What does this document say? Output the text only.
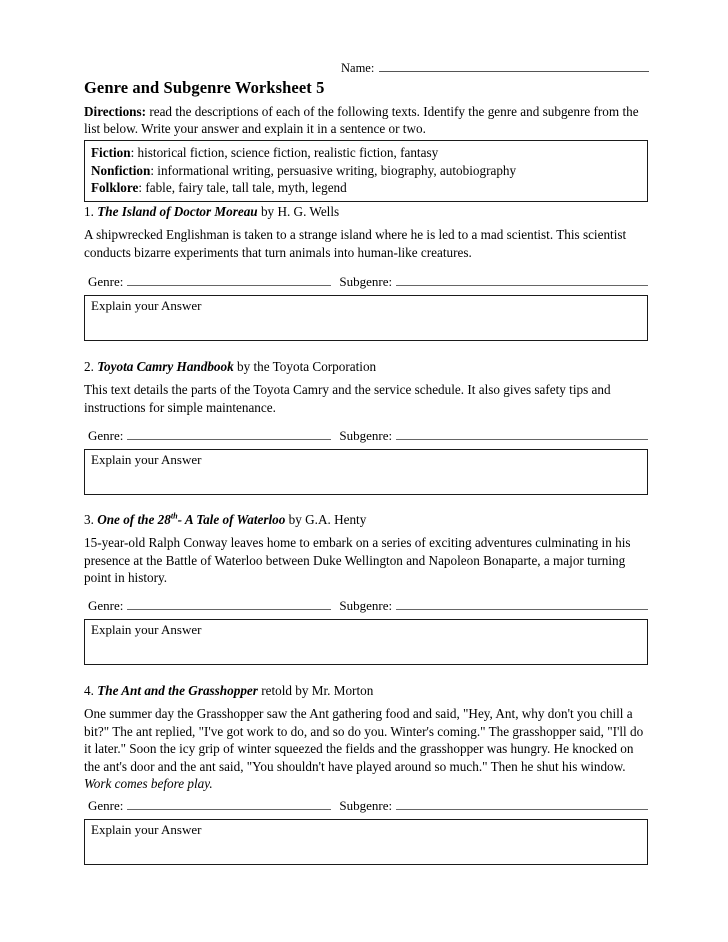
Name:
Genre and Subgenre Worksheet 5
Directions: read the descriptions of each of the following texts. Identify the genre and subgenre from the list below. Write your answer and explain it in a sentence or two.
Fiction: historical fiction, science fiction, realistic fiction, fantasy
Nonfiction: informational writing, persuasive writing, biography, autobiography
Folklore: fable, fairy tale, tall tale, myth, legend

1. The Island of Doctor Moreau by H. G. Wells

A shipwrecked Englishman is taken to a strange island where he is led to a mad scientist. This scientist conducts bizarre experiments that turn animals into human-like creatures.

Genre:	Subgenre:
Explain your Answer

2. Toyota Camry Handbook by the Toyota Corporation

This text details the parts of the Toyota Camry and the service schedule. It also gives safety tips and instructions for simple maintenance.

Genre:	Subgenre:
Explain your Answer

3. One of the 28th- A Tale of Waterloo by G.A. Henty

15-year-old Ralph Conway leaves home to embark on a series of exciting adventures culminating in his presence at the Battle of Waterloo between Duke Wellington and Napoleon Bonaparte, a major turning point in history.

Genre:	Subgenre:
Explain your Answer

4. The Ant and the Grasshopper retold by Mr. Morton

One summer day the Grasshopper saw the Ant gathering food and said, "Hey, Ant, why don't you chill a bit?" The ant replied, "I've got work to do, and so do you. Winter's coming." The grasshopper said, "I'll do it later." Soon the icy grip of winter squeezed the fields and the grasshopper was hungry. He knocked on the ant's door and the ant said, "You shouldn't have played around so much." Then he shut his window. Work comes before play.

Genre:	Subgenre:
Explain your Answer
